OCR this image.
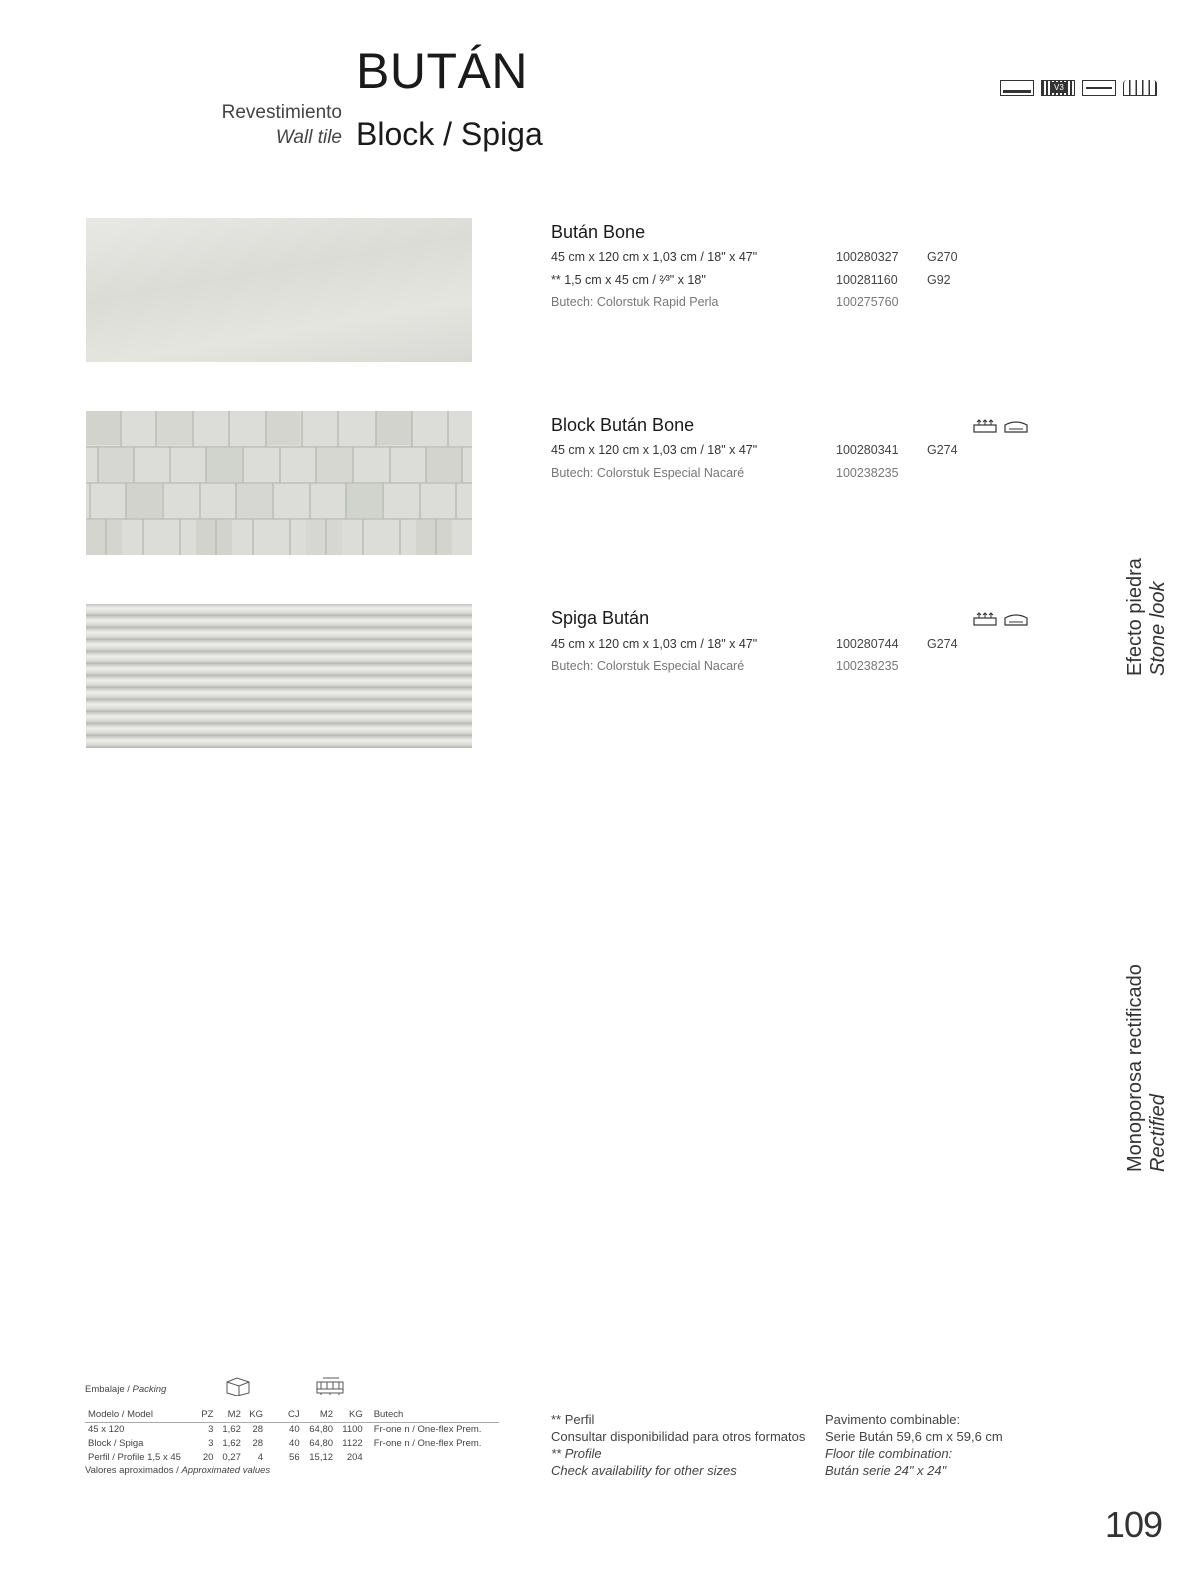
BUTÁN
Revestimiento
Wall tile Block / Spiga
V3
Bután Bone
45 cm x 120 cm x 1,03 cm / 18" x 47"	100280327 G270
** 1,5 cm x 45 cm / ²⁄³" x 18"	100281160 G92
Butech: Colorstuk Rapid Perla	100275760
Block Bután Bone
45 cm x 120 cm x 1,03 cm / 18" x 47"	100280341 G274
Butech: Colorstuk Especial Nacaré	100238235
Spiga Bután
45 cm x 120 cm x 1,03 cm / 18" x 47"	100280744 G274
Butech: Colorstuk Especial Nacaré	100238235	Efecto piedra Stone look
Monoporosa rectificado Rectified
Embalaje / Packing
Modelo / Model	PZ	M2	KG	CJ	M2	KG	Butech
45 x 120	3	1,62	28	40	64,80	1100	Fr-one n / One-flex Prem.
Block / Spiga	3	1,62	28	40	64,80	1122	Fr-one n / One-flex Prem.
Perfil / Profile 1,5 x 45	20	0,27	4	56	15,12	204	
Valores aproximados / Approximated values
** Perfil
Consultar disponibilidad para otros formatos
** Profile
Check availability for other sizes
Pavimento combinable:
Serie Bután 59,6 cm x 59,6 cm
Floor tile combination:
Bután serie 24" x 24"
109
